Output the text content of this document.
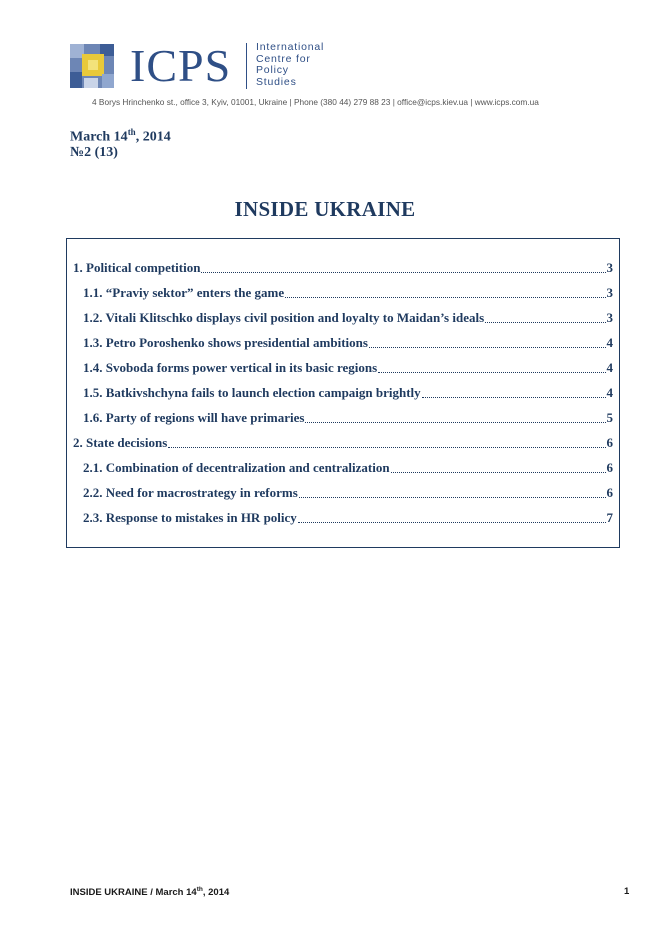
ICPS International
Centre for
Policy
Studies
4 Borys Hrinchenko st., office 3, Kyiv, 01001, Ukraine | Phone (380 44) 279 88 23 | office@icps.kiev.ua | www.icps.com.ua
March 14th, 2014
№2 (13)
INSIDE UKRAINE
1. Political competition	3
1.1. “Praviy sektor” enters the game	3
1.2. Vitali Klitschko displays civil position and loyalty to Maidan’s ideals	3
1.3. Petro Poroshenko shows presidential ambitions	4
1.4. Svoboda forms power vertical in its basic regions	4
1.5. Batkivshchyna fails to launch election campaign brightly	4
1.6. Party of regions will have primaries	5
2. State decisions	6
2.1. Combination of decentralization and centralization	6
2.2. Need for macrostrategy in reforms	6
2.3. Response to mistakes in HR policy	7
INSIDE UKRAINE / March 14th, 2014	1
